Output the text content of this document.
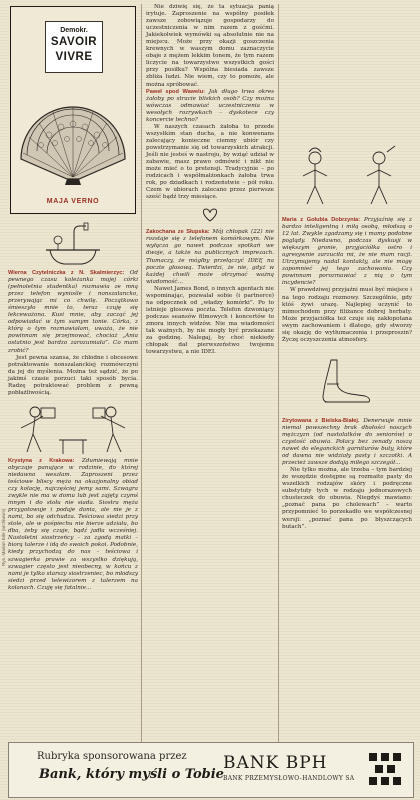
Rys. Marian Eile (archiwum)
Demokr.
SAVOIR
VIVRE
MAJA VERNO

Wierna Czytelniczka z N. Skalmierzyc: Od pewnego czasu koleżanka mojej córki (pełnoletnia studentka) rozmawia ze mną przez telefon wyniośle i nonszalancko, przerywając mi co chwilę. Początkowo śmieszyło mnie to, teraz czuję się lekceważona. Kusi mnie, aby zacząć jej odpowiadać w tym samym tonie. Córka, z którą o tym rozmawiałam, uważa, że nie powinnam się przejmować, chociaż „Ania ostatnio jest bardzo zarozumiała”. Co mam zrobić?

Jest pewna szansa, że chłodne i obcesowe potraktowanie nonszalanckiej rozmówczyni da jej do myślenia. Można też sądzić, że po jakimś czasie porzuci taki sposób bycia. Radzę potraktować problem z pewną pobłażliwością.

Krystyna z Krakowa: Zdumiewają mnie obyczaje panujące w rodzinie, do której niedawno weszłam. Zaproszeni przez teściowe bliscy męża na okazjonalny obiad czy kolację, najczęściej jemy sami. Szwagra zwykle nie ma w domu lub jest zajęty czymś innym i do stołu nie siada. Siostra męża przygotowuje i podaje dania, ale nie je z nami, bo się odchudza. Teściowa siedzi przy stole, ale w pośpiechu nie bierze udziału, bo dba, żeby się czuje, bądź jadła wcześniej. Nastoletni siostrzeńcy – za zgodą matki – biorą talerze i idą do swoich pokoi. Podobnie, kiedy przychodzą do nas – teściowa i szwagierka prawie za wszystko dziękują, szwagier często jest nieobecny, w końcu z nami je tylko starszy siostrzeniec, bo młodszy siedzi przed telewizorem z talerzem na kolanach. Czuję się fatalnie...

Nie dziwię się, że ta sytuacja panią irytuje. Zaproszenie na wspólny posiłek zawsze zobowiązuje gospodarzy do uczestniczenia w nim razem z gośćmi. Jakiekolwiek wymówki są absolutnie nie na miejscu. Może przy okazji goszczenia krewnych w waszym domu zaznaczycie obaje z mężem lekkim tonem, że tym razem liczycie na towarzystwo wszystkich gości przy posiłku? Wspólna biesiada zawsze zbliża ludzi. Nie wiem, czy to pomoże, ale można spróbować.

Paweł spod Wawelu: Jak długo trwa okres żałoby po stracie bliskich osób? Czy można wówczas odmawiać uczestniczenia w wesołych rozrywkach – dyskotece czy koncercie techno?

W naszych czasach żałoba to przede wszystkim stan ducha, a nie konwenans zalecający konieczne ciemny ubiór czy powstrzymanie się od towarzyskich atrakcji. Jeśli nie jesteś w nastroju, by wziąć udział w zabawie, masz prawo odmówić i nikt nie może mieć o to pretensji. Tradycyjnie – po rodzicach i współmałżonkach żałoba trwa rok, po dziadkach i rodzeństwie – pół roku. Czem w ubiorach zalecano przez pierwsze sześć bądź trzy miesiące.

Zakochana ze Słupska: Mój chłopak (22) nie rozstaje się z telefonem komórkowym. Nie wyłącza go nawet podczas spotkań we dwoje, a także na publicznych imprezach. Tłumaczy, że mógłby przełączyć IDEĘ na poczte głosową. Twierdzi, że nie, gdyż w każdej chwili może otrzymać ważną wiadomość...

Nawet James Bond, o innych agentach nie wspominając, pozwalał sobie (i partnerce) na odpocznek od „władzy komórki”. Po to istnieje głosowa poczta. Telefon dzwoniący podczas seansów filmowych i koncertów to zmora innych widzów. Nie ma wiadomości tak ważnych, by nie mogły być przekazane za godzinę. Nalegaj, by choć niekiedy chłopak dał pierwszeństwo twojemu towarzystwu, a nie IDEI.

Maria z Gołubia Dobrzynia: Przyjaźnię się z bardzo inteligentną i miłą osobą, młodszą o 12 lat. Zwykle zgadzamy się i mamy podobne poglądy. Niedawno, podczas dyskusji w większym gronie, przyjaciółka ostro i agresywnie zarzuciła mi, że nie mam racji. Utrzymujemy nadal kontakty, ale nie mogę zapomnieć jej tego zachowania. Czy powinnam porozmawiać z nią o tym incydencie?

W prawdziwej przyjaźni musi być miejsce i na tego rodzaju rozmowy. Szczególnie, gdy któś żywi urazę. Najlepiej uczynić to mimochodem przy filiżance dobrej herbaty. Może przyjaciółka też czuje się zakłopotana swym zachowaniem i dlatego, gdy stworzy się okazję do wytłumaczenia i przeproszin? Życzę oczyszczenia atmosfery.

Zirytowana z Bielska-Białej. Denerwuje mnie niemal powszechny brak dbałości naszych mężczyzn (od nastolatków do seniorów) o czystość obuwia. Połacy bez zenady noszą nawet do eleganckich garniturów buty, które od dawna nie widziały pasty i szczotki. A przecież zawsze dodają miłego szczegół...

Nie tylko można, ale trzeba – tym bardziej że wszędzie dostępne są rozmaite pasty do wszelkich rodzajów skóry i podręczne substytuty tych w rodzaju jednorazowych chusteczek do obuwia. Niegdyś mawiano: „poznać pana po cholewach” – warto przypomnieć to porzekadło we współczesnej wersji: „poznać pana po błyszczących butach”.

Rubryka sponsorowana przez
Bank, który myśli o Tobie
BANK BPH
BANK PRZEMYSŁOWO-HANDLOWY SA
